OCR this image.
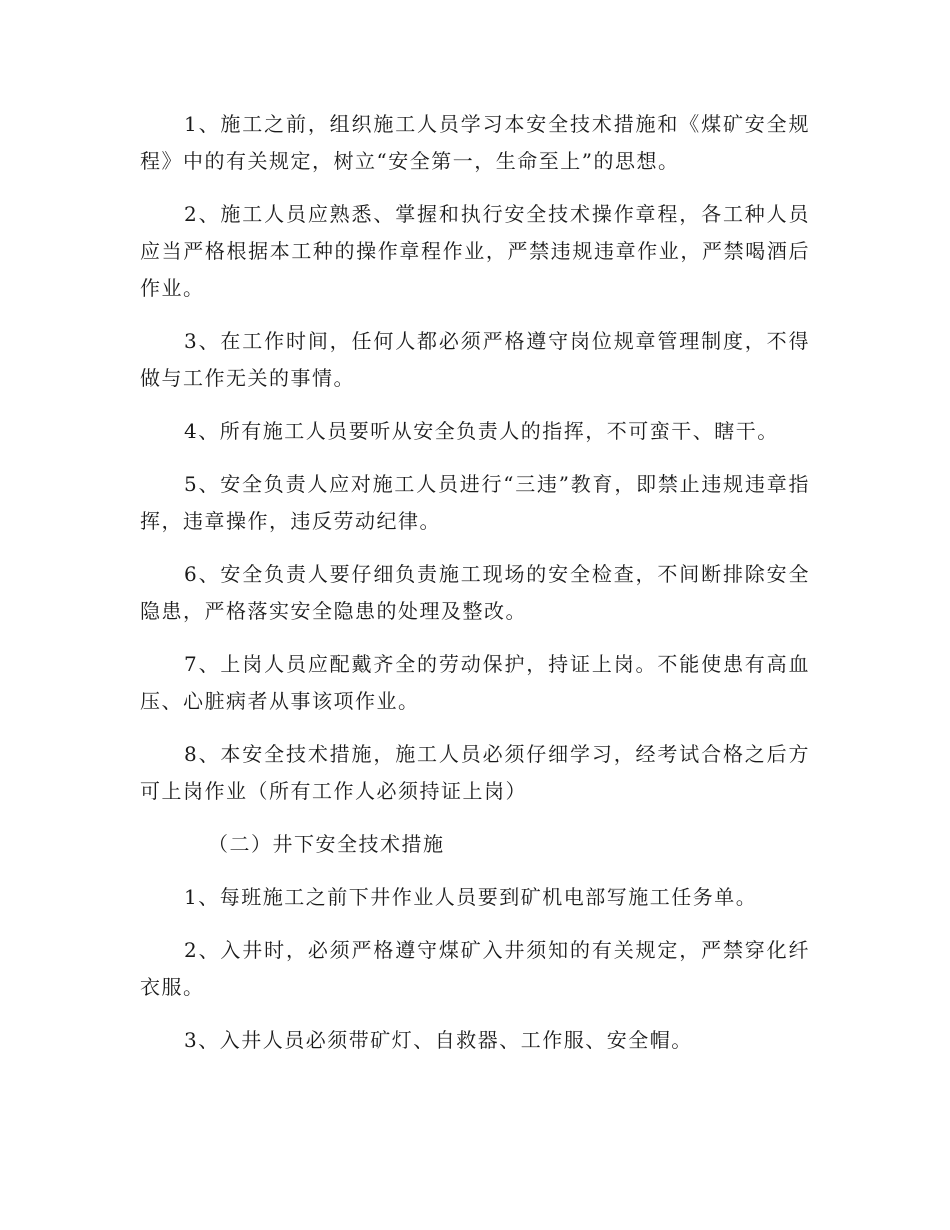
1、施工之前，组织施工人员学习本安全技术措施和《煤矿安全规程》中的有关规定，树立“安全第一，生命至上”的思想。

2、施工人员应熟悉、掌握和执行安全技术操作章程，各工种人员应当严格根据本工种的操作章程作业，严禁违规违章作业，严禁喝酒后作业。

3、在工作时间，任何人都必须严格遵守岗位规章管理制度，不得做与工作无关的事情。

4、所有施工人员要听从安全负责人的指挥，不可蛮干、瞎干。

5、安全负责人应对施工人员进行“三违”教育，即禁止违规违章指挥，违章操作，违反劳动纪律。

6、安全负责人要仔细负责施工现场的安全检查，不间断排除安全隐患，严格落实安全隐患的处理及整改。

7、上岗人员应配戴齐全的劳动保护，持证上岗。不能使患有高血压、心脏病者从事该项作业。

8、本安全技术措施，施工人员必须仔细学习，经考试合格之后方可上岗作业（所有工作人必须持证上岗）

（二）井下安全技术措施

1、每班施工之前下井作业人员要到矿机电部写施工任务单。

2、入井时，必须严格遵守煤矿入井须知的有关规定，严禁穿化纤衣服。

3、入井人员必须带矿灯、自救器、工作服、安全帽。
